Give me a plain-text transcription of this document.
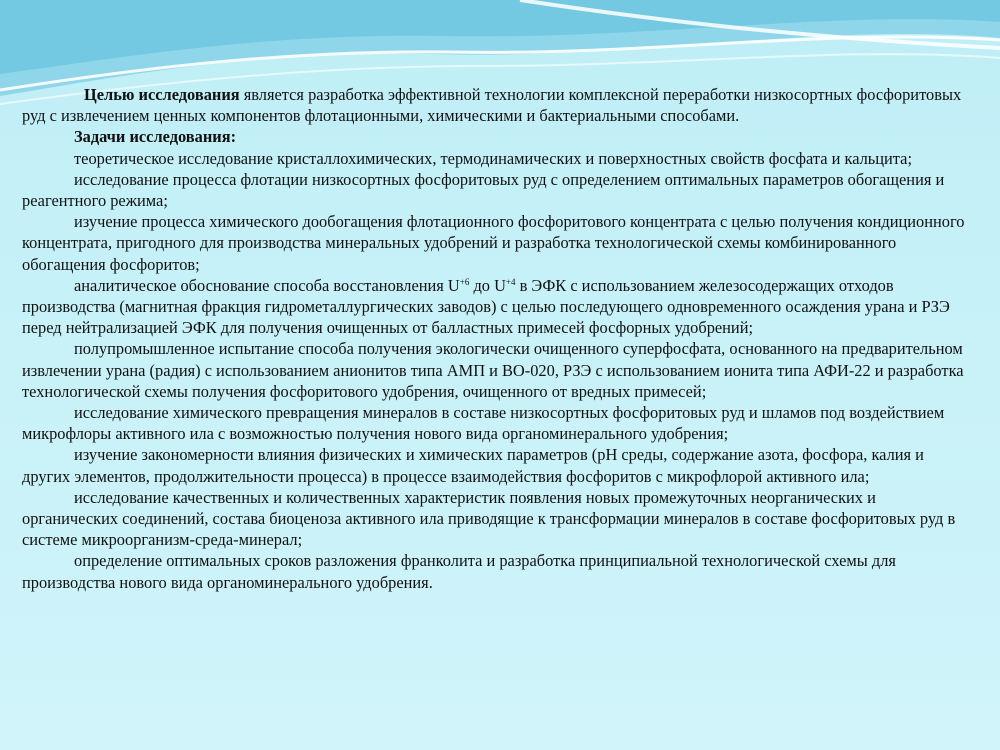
Целью исследования является разработка эффективной технологии комплексной переработки низкосортных фосфоритовых руд с извлечением ценных компонентов флотационными, химическими и бактериальными способами.

Задачи исследования:

теоретическое исследование кристаллохимических, термодинамических и поверхностных свойств фосфата и кальцита;

исследование процесса флотации низкосортных фосфоритовых руд с определением оптимальных параметров обогащения и реагентного режима;

изучение процесса химического дообогащения флотационного фосфоритового концентрата с целью получения кондиционного концентрата, пригодного для производства минеральных удобрений и разработка технологической схемы комбинированного обогащения фосфоритов;

аналитическое обоснование способа восстановления $U^{+6}$ до $U^{+4}$ в ЭФК с использованием железосодержащих отходов производства (магнитная фракция гидрометаллургических заводов) с целью последующего одновременного осаждения урана и РЗЭ перед нейтрализацией ЭФК для получения очищенных от балластных примесей фосфорных удобрений;

полупромышленное испытание способа получения экологически очищенного суперфосфата, основанного на предварительном извлечении урана (радия) с использованием анионитов типа АМП и ВО-020, РЗЭ с использованием ионита типа АФИ-22 и разработка технологической схемы получения фосфоритового удобрения, очищенного от вредных примесей;

исследование химического превращения минералов в составе низкосортных фосфоритовых руд и шламов под воздействием микрофлоры активного ила с возможностью получения нового вида органоминерального удобрения;

изучение закономерности влияния физических и химических параметров (рН среды, содержание азота, фосфора, калия и других элементов, продолжительности процесса) в процессе взаимодействия фосфоритов с микрофлорой активного ила;

исследование качественных и количественных характеристик появления новых промежуточных неорганических и органических соединений, состава биоценоза активного ила приводящие к трансформации минералов в составе фосфоритовых руд в системе микроорганизм-среда-минерал;

определение оптимальных сроков разложения франколита и разработка принципиальной технологической схемы для производства нового вида органоминерального удобрения.
